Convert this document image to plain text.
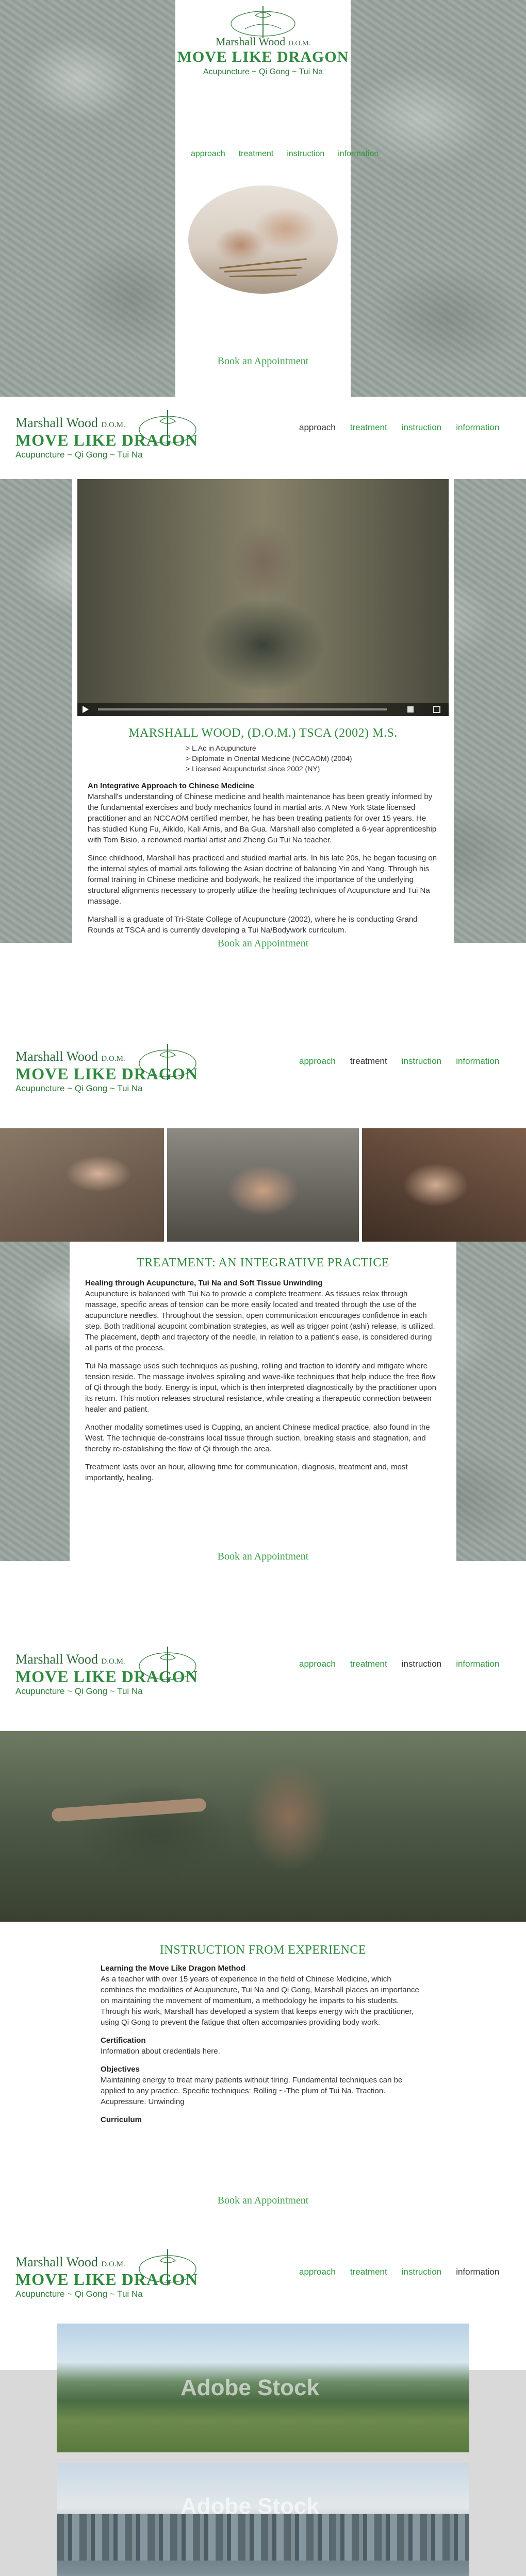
Marshall Wood D.O.M.
MOVE LIKE DRAGON
Acupuncture ~ Qi Gong ~ Tui Na
approach treatment instruction information
Book an Appointment
Marshall Wood D.O.M.
MOVE LIKE DRAGON
Acupuncture ~ Qi Gong ~ Tui Na
approach treatment instruction information
MARSHALL WOOD, (D.O.M.) TSCA (2002) M.S.
> L.Ac in Acupuncture
> Diplomate in Oriental Medicine (NCCAOM) (2004)
> Licensed Acupuncturist since 2002 (NY)
An Integrative Approach to Chinese Medicine

Marshall's understanding of Chinese medicine and health maintenance has been greatly informed by the fundamental exercises and body mechanics found in martial arts. A New York State licensed practitioner and an NCCAOM certified member, he has been treating patients for over 15 years. He has studied Kung Fu, Aikido, Kali Arnis, and Ba Gua. Marshall also completed a 6-year apprenticeship with Tom Bisio, a renowned martial artist and Zheng Gu Tui Na teacher.

Since childhood, Marshall has practiced and studied martial arts. In his late 20s, he began focusing on the internal styles of martial arts following the Asian doctrine of balancing Yin and Yang. Through his formal training in Chinese medicine and bodywork, he realized the importance of the underlying structural alignments necessary to properly utilize the healing techniques of Acupuncture and Tui Na massage.

Marshall is a graduate of Tri-State College of Acupuncture (2002), where he is conducting Grand Rounds at TSCA and is currently developing a Tui Na/Bodywork curriculum.

Book an Appointment
Marshall Wood D.O.M.
MOVE LIKE DRAGON
Acupuncture ~ Qi Gong ~ Tui Na
approach treatment instruction information
TREATMENT: AN INTEGRATIVE PRACTICE
Healing through Acupuncture, Tui Na and Soft Tissue Unwinding

Acupuncture is balanced with Tui Na to provide a complete treatment. As tissues relax through massage, specific areas of tension can be more easily located and treated through the use of the acupuncture needles. Throughout the session, open communication encourages confidence in each step. Both traditional acupoint combination strategies, as well as trigger point (ashi) release, is utilized. The placement, depth and trajectory of the needle, in relation to a patient's ease, is considered during all parts of the process.

Tui Na massage uses such techniques as pushing, rolling and traction to identify and mitigate where tension reside. The massage involves spiraling and wave-like techniques that help induce the free flow of Qi through the body. Energy is input, which is then interpreted diagnostically by the practitioner upon its return. This motion releases structural resistance, while creating a therapeutic connection between healer and patient.

Another modality sometimes used is Cupping, an ancient Chinese medical practice, also found in the West. The technique de-constrains local tissue through suction, breaking stasis and stagnation, and thereby re-establishing the flow of Qi through the area.

Treatment lasts over an hour, allowing time for communication, diagnosis, treatment and, most importantly, healing.

Book an Appointment
Marshall Wood D.O.M.
MOVE LIKE DRAGON
Acupuncture ~ Qi Gong ~ Tui Na
approach treatment instruction information
INSTRUCTION FROM EXPERIENCE
Learning the Move Like Dragon Method

As a teacher with over 15 years of experience in the field of Chinese Medicine, which combines the modalities of Acupuncture, Tui Na and Qi Gong, Marshall places an importance on maintaining the movement of momentum, a methodology he imparts to his students. Through his work, Marshall has developed a system that keeps energy with the practitioner, using Qi Gong to prevent the fatigue that often accompanies providing body work.

Certification

Information about credentials here.

Objectives

Maintaining energy to treat many patients without tiring. Fundamental techniques can be applied to any practice. Specific techniques: Rolling ~-The plum of Tui Na. Traction. Acupressure. Unwinding

Curriculum
Book an Appointment
Marshall Wood D.O.M.
MOVE LIKE DRAGON
Acupuncture ~ Qi Gong ~ Tui Na
approach treatment instruction information
Adobe Stock
Adobe Stock
